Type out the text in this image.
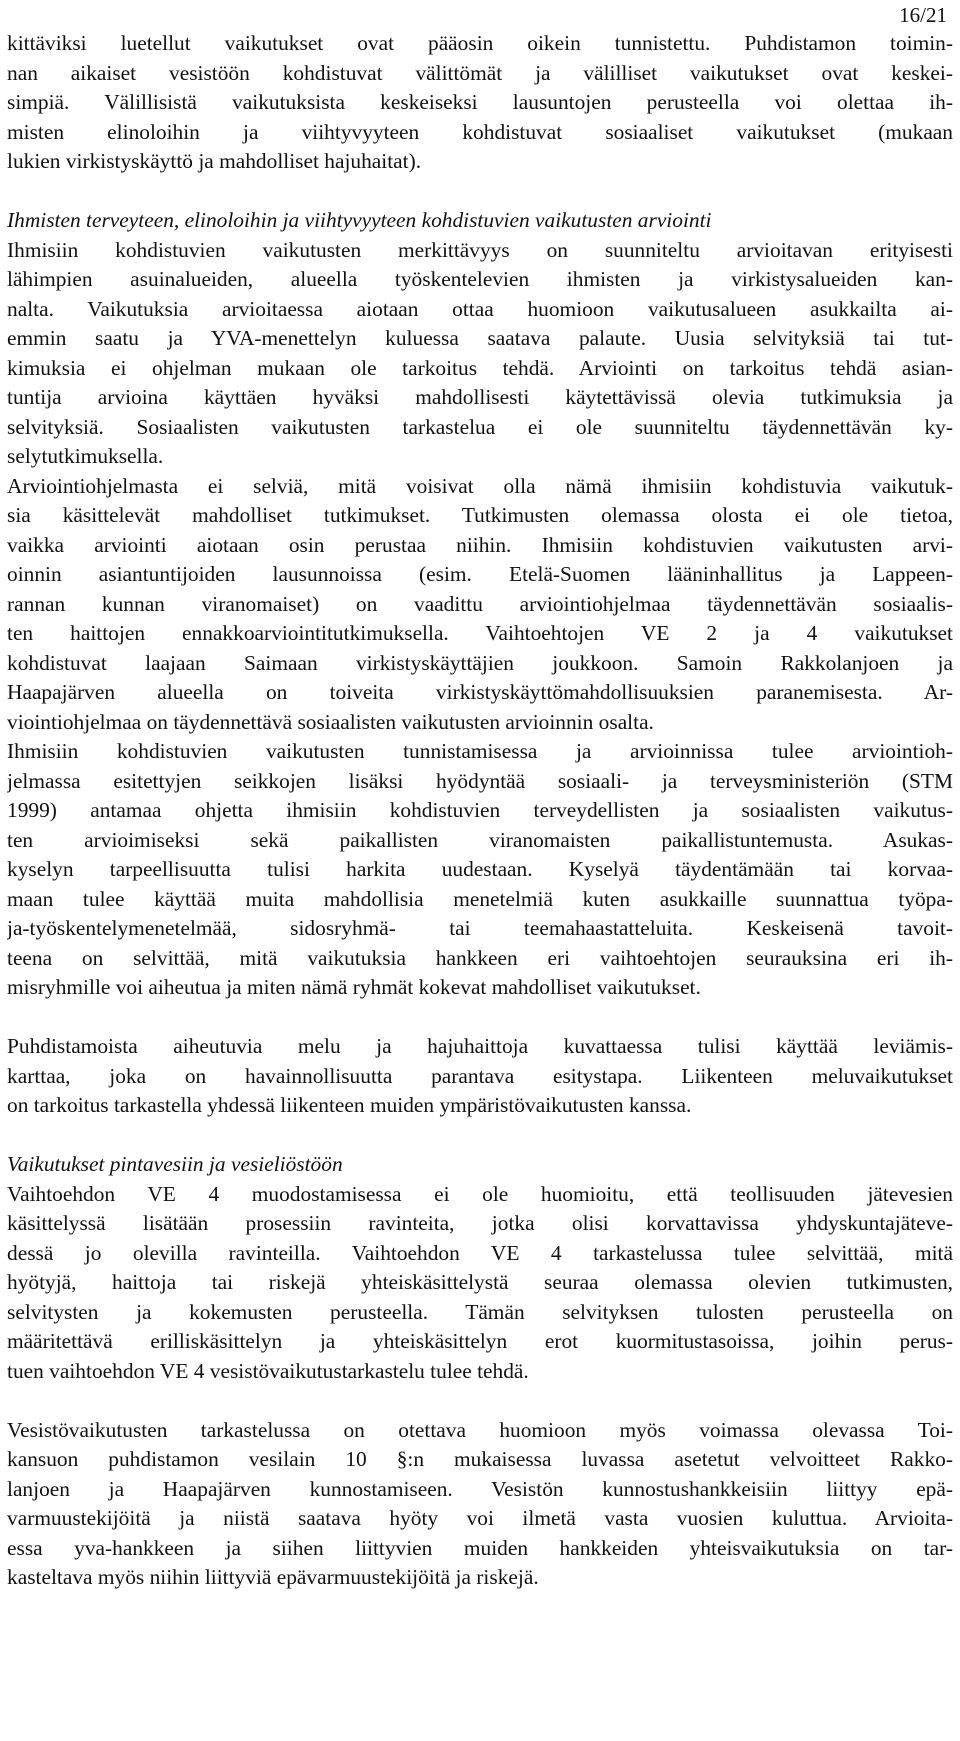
16/21
kittäviksi luetellut vaikutukset ovat pääosin oikein tunnistettu. Puhdistamon toimin-
nan aikaiset vesistöön kohdistuvat välittömät ja välilliset vaikutukset ovat keskei-
simpiä. Välillisistä vaikutuksista keskeiseksi lausuntojen perusteella voi olettaa ih-
misten elinoloihin ja viihtyvyyteen kohdistuvat sosiaaliset vaikutukset (mukaan
lukien virkistyskäyttö ja mahdolliset hajuhaitat).
Ihmisten terveyteen, elinoloihin ja viihtyvyyteen kohdistuvien vaikutusten arviointi
Ihmisiin kohdistuvien vaikutusten merkittävyys on suunniteltu arvioitavan erityisesti
lähimpien asuinalueiden, alueella työskentelevien ihmisten ja virkistysalueiden kan-
nalta. Vaikutuksia arvioitaessa aiotaan ottaa huomioon vaikutusalueen asukkailta ai-
emmin saatu ja YVA-menettelyn kuluessa saatava palaute. Uusia selvityksiä tai tut-
kimuksia ei ohjelman mukaan ole tarkoitus tehdä. Arviointi on tarkoitus tehdä asian-
tuntija arvioina käyttäen hyväksi mahdollisesti käytettävissä olevia tutkimuksia ja
selvityksiä. Sosiaalisten vaikutusten tarkastelua ei ole suunniteltu täydennettävän ky-
selytutkimuksella.
Arviointiohjelmasta ei selviä, mitä voisivat olla nämä ihmisiin kohdistuvia vaikutuk-
sia käsittelevät mahdolliset tutkimukset. Tutkimusten olemassa olosta ei ole tietoa,
vaikka arviointi aiotaan osin perustaa niihin. Ihmisiin kohdistuvien vaikutusten arvi-
oinnin asiantuntijoiden lausunnoissa (esim. Etelä-Suomen lääninhallitus ja Lappeen-
rannan kunnan viranomaiset) on vaadittu arviointiohjelmaa täydennettävän sosiaalis-
ten haittojen ennakkoarviointitutkimuksella. Vaihtoehtojen VE 2 ja 4 vaikutukset
kohdistuvat laajaan Saimaan virkistyskäyttäjien joukkoon. Samoin Rakkolanjoen ja
Haapajärven alueella on toiveita virkistyskäyttömahdollisuuksien paranemisesta. Ar-
viointiohjelmaa on täydennettävä sosiaalisten vaikutusten arvioinnin osalta.
Ihmisiin kohdistuvien vaikutusten tunnistamisessa ja arvioinnissa tulee arviointioh-
jelmassa esitettyjen seikkojen lisäksi hyödyntää sosiaali- ja terveysministeriön (STM
1999) antamaa ohjetta ihmisiin kohdistuvien terveydellisten ja sosiaalisten vaikutus-
ten arvioimiseksi sekä paikallisten viranomaisten paikallistuntemusta. Asukas-
kyselyn tarpeellisuutta tulisi harkita uudestaan. Kyselyä täydentämään tai korvaa-
maan tulee käyttää muita mahdollisia menetelmiä kuten asukkaille suunnattua työpa-
ja-työskentelymenetelmää, sidosryhmä- tai teemahaastatteluita. Keskeisenä tavoit-
teena on selvittää, mitä vaikutuksia hankkeen eri vaihtoehtojen seurauksina eri ih-
misryhmille voi aiheutua ja miten nämä ryhmät kokevat mahdolliset vaikutukset.
Puhdistamoista aiheutuvia melu ja hajuhaittoja kuvattaessa tulisi käyttää leviämis-
karttaa, joka on havainnollisuutta parantava esitystapa. Liikenteen meluvaikutukset
on tarkoitus tarkastella yhdessä liikenteen muiden ympäristövaikutusten kanssa.
Vaikutukset pintavesiin ja vesieliöstöön
Vaihtoehdon VE 4 muodostamisessa ei ole huomioitu, että teollisuuden jätevesien
käsittelyssä lisätään prosessiin ravinteita, jotka olisi korvattavissa yhdyskuntajäteve-
dessä jo olevilla ravinteilla. Vaihtoehdon VE 4 tarkastelussa tulee selvittää, mitä
hyötyjä, haittoja tai riskejä yhteiskäsittelystä seuraa olemassa olevien tutkimusten,
selvitysten ja kokemusten perusteella. Tämän selvityksen tulosten perusteella on
määritettävä erilliskäsittelyn ja yhteiskäsittelyn erot kuormitustasoissa, joihin perus-
tuen vaihtoehdon VE 4 vesistövaikutustarkastelu tulee tehdä.
Vesistövaikutusten tarkastelussa on otettava huomioon myös voimassa olevassa Toi-
kansuon puhdistamon vesilain 10 §:n mukaisessa luvassa asetetut velvoitteet Rakko-
lanjoen ja Haapajärven kunnostamiseen. Vesistön kunnostushankkeisiin liittyy epä-
varmuustekijöitä ja niistä saatava hyöty voi ilmetä vasta vuosien kuluttua. Arvioita-
essa yva-hankkeen ja siihen liittyvien muiden hankkeiden yhteisvaikutuksia on tar-
kasteltava myös niihin liittyviä epävarmuustekijöitä ja riskejä.
